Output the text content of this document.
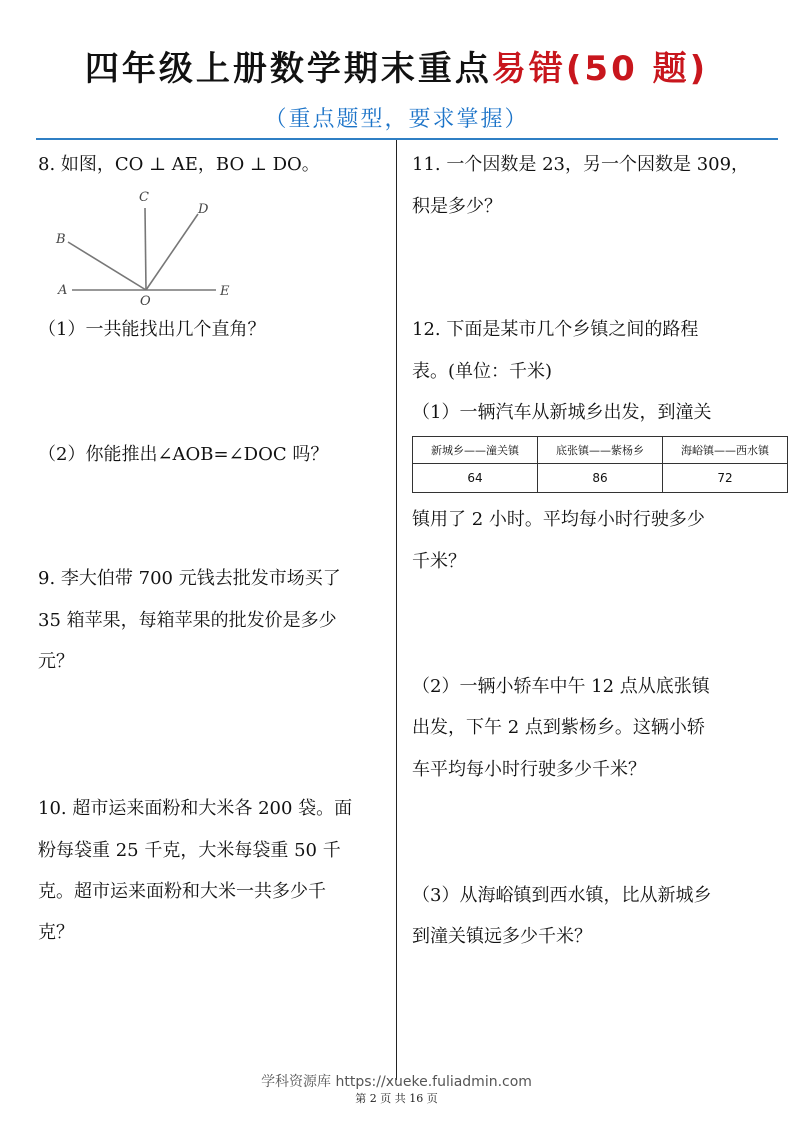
四年级上册数学期末重点易错(50 题)
（重点题型，要求掌握）

8. 如图，CO ⊥ AE，BO ⊥ DO。

A
B
C
D
E
O

（1）一共能找出几个直角？

（2）你能推出∠AOB=∠DOC 吗？

9. 李大伯带 700 元钱去批发市场买了

35 箱苹果，每箱苹果的批发价是多少

元？

10. 超市运来面粉和大米各 200 袋。面

粉每袋重 25 千克，大米每袋重 50 千

克。超市运来面粉和大米一共多少千

克？

11. 一个因数是 23，另一个因数是 309，

积是多少？

12. 下面是某市几个乡镇之间的路程

表。(单位：千米)

（1）一辆汽车从新城乡出发，到潼关

新城乡——潼关镇	底张镇——紫杨乡	海峪镇——西水镇
64	86	72

镇用了 2 小时。平均每小时行驶多少

千米？

（2）一辆小轿车中午 12 点从底张镇

出发，下午 2 点到紫杨乡。这辆小轿

车平均每小时行驶多少千米？

（3）从海峪镇到西水镇，比从新城乡

到潼关镇远多少千米？

学科资源库 https://xueke.fuliadmin.com
第 2 页 共 16 页
